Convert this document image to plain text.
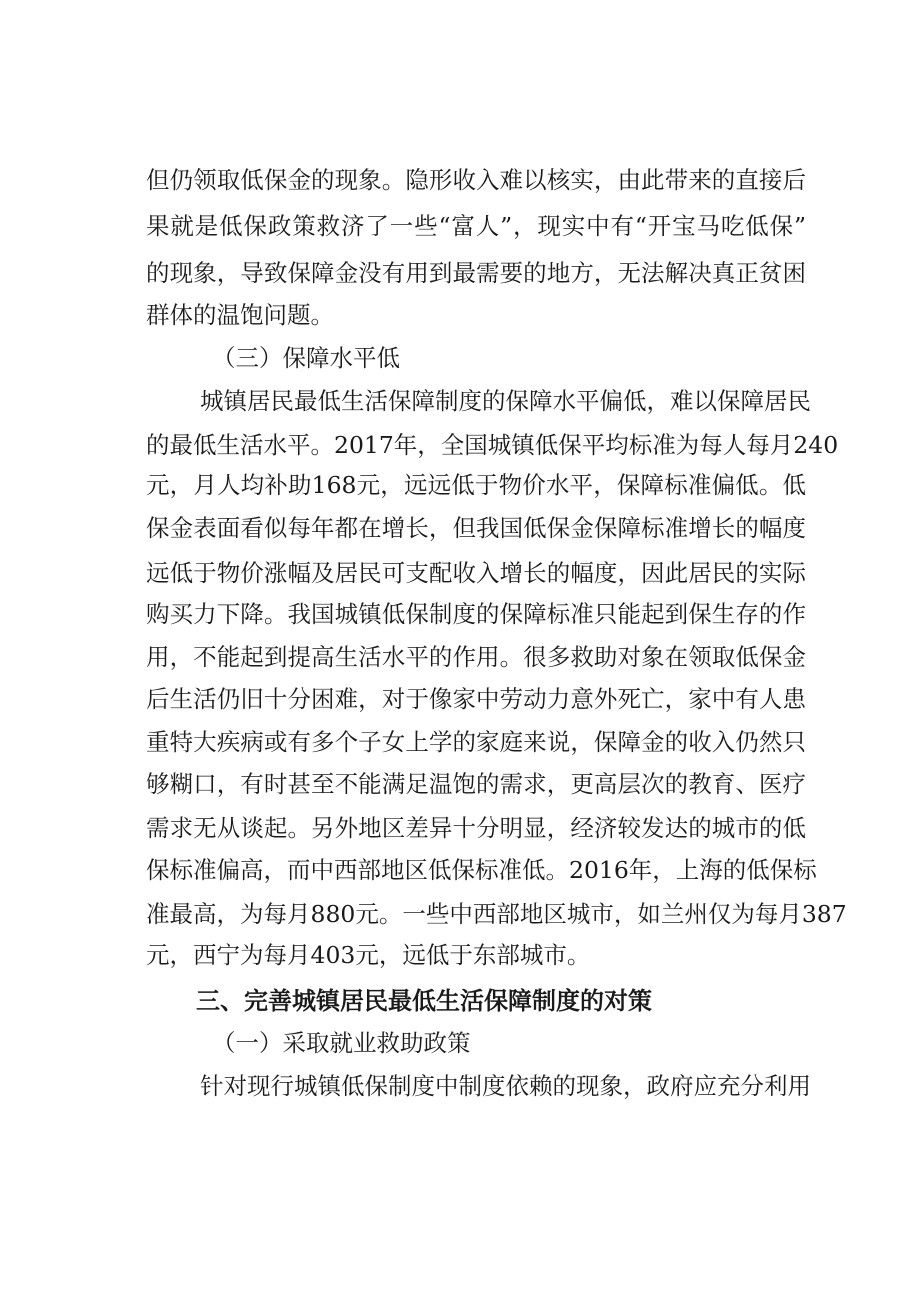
但仍领取低保金的现象。隐形收入难以核实，由此带来的直接后
果就是低保政策救济了一些“富人”，现实中有“开宝马吃低保”
的现象，导致保障金没有用到最需要的地方，无法解决真正贫困
群体的温饱问题。
（三）保障水平低
城镇居民最低生活保障制度的保障水平偏低，难以保障居民
的最低生活水平。2017年，全国城镇低保平均标准为每人每月240
元，月人均补助168元，远远低于物价水平，保障标准偏低。低
保金表面看似每年都在增长，但我国低保金保障标准增长的幅度
远低于物价涨幅及居民可支配收入增长的幅度，因此居民的实际
购买力下降。我国城镇低保制度的保障标准只能起到保生存的作
用，不能起到提高生活水平的作用。很多救助对象在领取低保金
后生活仍旧十分困难，对于像家中劳动力意外死亡，家中有人患
重特大疾病或有多个子女上学的家庭来说，保障金的收入仍然只
够糊口，有时甚至不能满足温饱的需求，更高层次的教育、医疗
需求无从谈起。另外地区差异十分明显，经济较发达的城市的低
保标准偏高，而中西部地区低保标准低。2016年，上海的低保标
准最高，为每月880元。一些中西部地区城市，如兰州仅为每月387
元，西宁为每月403元，远低于东部城市。
三、完善城镇居民最低生活保障制度的对策
（一）采取就业救助政策
针对现行城镇低保制度中制度依赖的现象，政府应充分利用
